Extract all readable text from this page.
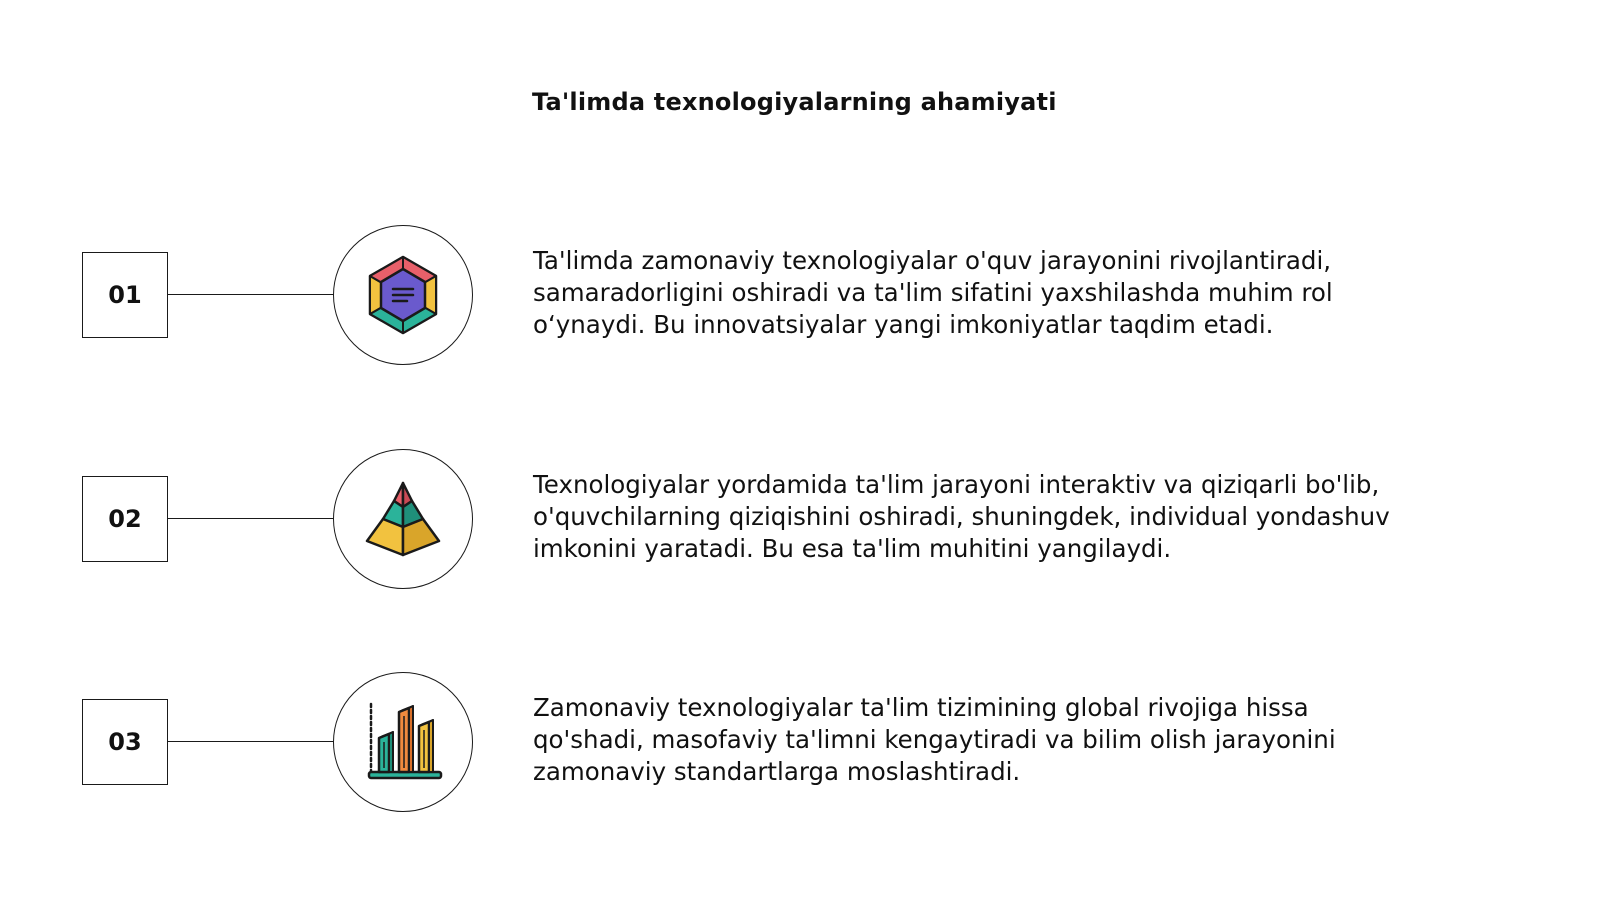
Ta'limda texnologiyalarning ahamiyati
01
Ta'limda zamonaviy texnologiyalar o'quv jarayonini rivojlantiradi,
samaradorligini oshiradi va ta'lim sifatini yaxshilashda muhim rol
oʻynaydi. Bu innovatsiyalar yangi imkoniyatlar taqdim etadi.
02
Texnologiyalar yordamida ta'lim jarayoni interaktiv va qiziqarli bo'lib,
o'quvchilarning qiziqishini oshiradi, shuningdek, individual yondashuv
imkonini yaratadi. Bu esa ta'lim muhitini yangilaydi.
03
Zamonaviy texnologiyalar ta'lim tizimining global rivojiga hissa
qo'shadi, masofaviy ta'limni kengaytiradi va bilim olish jarayonini
zamonaviy standartlarga moslashtiradi.
